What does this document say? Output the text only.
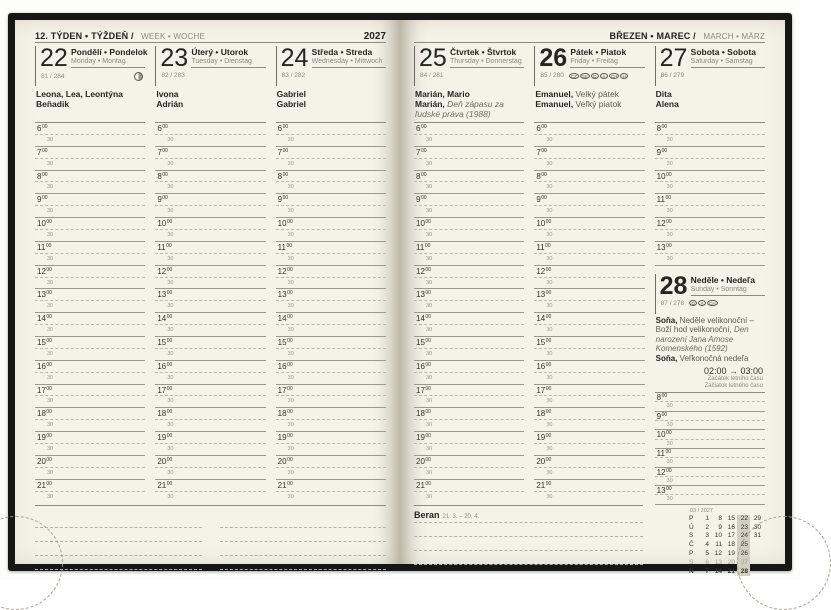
12. TÝDEN • TÝŽDEŇ / WEEK • WOCHE	2027
22 Pondělí • Pondelok
Monday • Montag
81 / 284
Leona, Lea, Leontýna
Beňadik
$6^{00}$
30
$7^{00}$
30
$8^{00}$
30
$9^{00}$
30
$10^{00}$
30
$11^{00}$
30
$12^{00}$
30
$13^{00}$
30
$14^{00}$
30
$15^{00}$
30
$16^{00}$
30
$17^{00}$
30
$18^{00}$
30
$19^{00}$
30
$20^{00}$
30
$21^{00}$
30
23 Úterý • Utorok
Tuesday • Dienstag
82 / 283
Ivona
Adrián
$6^{00}$
30
$7^{00}$
30
$8^{00}$
30
$9^{00}$
30
$10^{00}$
30
$11^{00}$
30
$12^{00}$
30
$13^{00}$
30
$14^{00}$
30
$15^{00}$
30
$16^{00}$
30
$17^{00}$
30
$18^{00}$
30
$19^{00}$
30
$20^{00}$
30
$21^{00}$
30
24 Středa • Streda
Wednesday • Mittwoch
83 / 282
Gabriel
Gabriel
$6^{00}$
30
$7^{00}$
30
$8^{00}$
30
$9^{00}$
30
$10^{00}$
30
$11^{00}$
30
$12^{00}$
30
$13^{00}$
30
$14^{00}$
30
$15^{00}$
30
$16^{00}$
30
$17^{00}$
30
$18^{00}$
30
$19^{00}$
30
$20^{00}$
30
$21^{00}$
30
BŘEZEN • MAREC / MARCH • MÄRZ
25 Čtvrtek • Štvrtok
Thursday • Donnerstag
84 / 281
Marián, Mario
Marián, Deň zápasu za ľudské práva (1988)
$6^{00}$
30
$7^{00}$
30
$8^{00}$
30
$9^{00}$
30
$10^{00}$
30
$11^{00}$
30
$12^{00}$
30
$13^{00}$
30
$14^{00}$
30
$15^{00}$
30
$16^{00}$
30
$17^{00}$
30
$18^{00}$
30
$19^{00}$
30
$20^{00}$
30
$21^{00}$
30
26 Pátek • Piatok
Friday • Freitag
85 / 280	CZ	SK	D	A	CH	H
Emanuel, Velký pátek
Emanuel, Veľký piatok
$6^{00}$
30
$7^{00}$
30
$8^{00}$
30
$9^{00}$
30
$10^{00}$
30
$11^{00}$
30
$12^{00}$
30
$13^{00}$
30
$14^{00}$
30
$15^{00}$
30
$16^{00}$
30
$17^{00}$
30
$18^{00}$
30
$19^{00}$
30
$20^{00}$
30
$21^{00}$
30
27 Sobota • Sobota
Saturday • Samstag
86 / 279
Dita
Alena
$8^{00}$
30
$9^{00}$
30
$10^{00}$
30
$11^{00}$
30
$12^{00}$
30
$13^{00}$
30
28 Neděle • Nedeľa
Sunday • Sonntag
87 / 278	D	A	CH
Soňa, Neděle velikonoční – Boží hod velikonoční, Den narození Jana Amose Komenského (1592)
Soňa, Veľkonočná nedeľa
02:00 → 03:00
Začátek letního času
Začiatok letného času
$8^{00}$
30
$9^{00}$
30
$10^{00}$
30
$11^{00}$
30
$12^{00}$
30
$13^{00}$
30
03 / 2027
P	1	8 15 22 29
Ú	2	9 16 23 30
S	3 10 17 24 31
Č	4 11 18 25
P	5 12 19 26
S	6 13 20 27
N	7 14 21 28
Beran 21. 3. – 20. 4.
